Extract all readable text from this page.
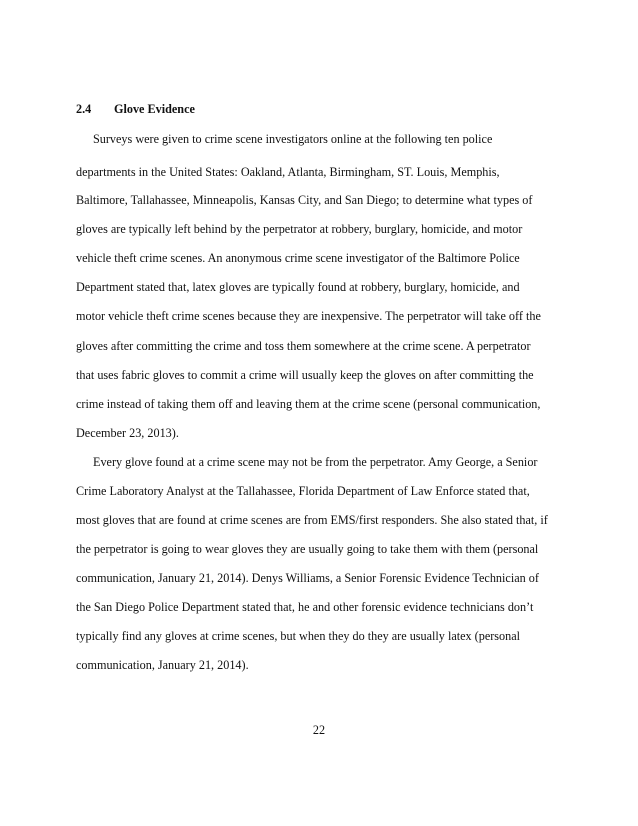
2.4 Glove Evidence
Surveys were given to crime scene investigators online at the following ten police
departments in the United States: Oakland, Atlanta, Birmingham, ST. Louis, Memphis,
Baltimore, Tallahassee, Minneapolis, Kansas City, and San Diego; to determine what types of
gloves are typically left behind by the perpetrator at robbery, burglary, homicide, and motor
vehicle theft crime scenes. An anonymous crime scene investigator of the Baltimore Police
Department stated that, latex gloves are typically found at robbery, burglary, homicide, and
motor vehicle theft crime scenes because they are inexpensive. The perpetrator will take off the
gloves after committing the crime and toss them somewhere at the crime scene. A perpetrator
that uses fabric gloves to commit a crime will usually keep the gloves on after committing the
crime instead of taking them off and leaving them at the crime scene (personal communication,
December 23, 2013).
Every glove found at a crime scene may not be from the perpetrator. Amy George, a Senior
Crime Laboratory Analyst at the Tallahassee, Florida Department of Law Enforce stated that,
most gloves that are found at crime scenes are from EMS/first responders. She also stated that, if
the perpetrator is going to wear gloves they are usually going to take them with them (personal
communication, January 21, 2014). Denys Williams, a Senior Forensic Evidence Technician of
the San Diego Police Department stated that, he and other forensic evidence technicians don’t
typically find any gloves at crime scenes, but when they do they are usually latex (personal
communication, January 21, 2014).
22
